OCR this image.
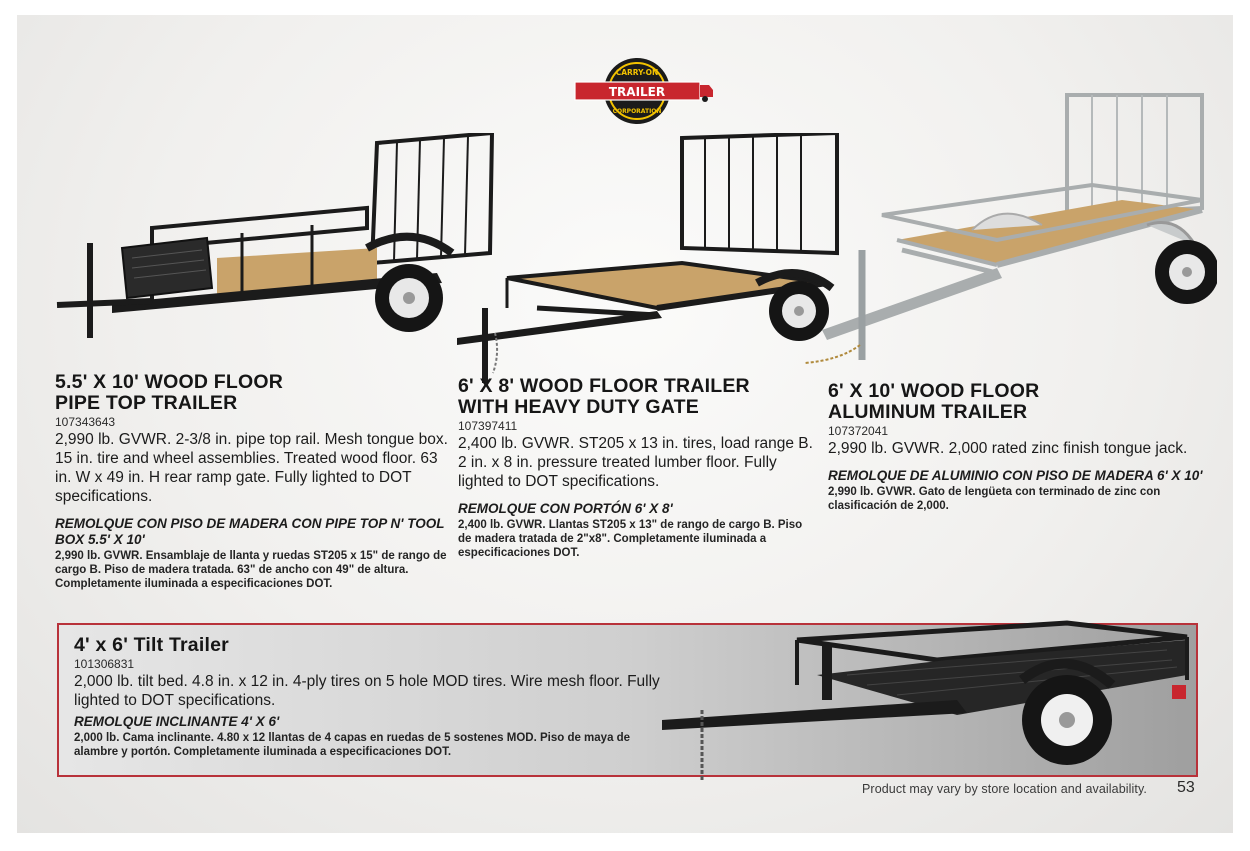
TRAILER
CARRY-ON
CORPORATION

5.5' X 10' WOOD FLOOR

PIPE TOP TRAILER

107343643

2,990 lb. GVWR. 2-3/8 in. pipe top rail. Mesh tongue box. 15 in. tire and wheel assemblies. Treated wood floor. 63 in. W x 49 in. H rear ramp gate. Fully lighted to DOT specifications.

REMOLQUE CON PISO DE MADERA CON PIPE TOP N' TOOL BOX 5.5' X 10'

2,990 lb. GVWR. Ensamblaje de llanta y ruedas ST205 x 15" de rango de cargo B. Piso de madera tratada. 63" de ancho con 49" de altura. Completamente iluminada a especificaciones DOT.

6' X 8' WOOD FLOOR TRAILER

WITH HEAVY DUTY GATE

107397411

2,400 lb. GVWR. ST205 x 13 in. tires, load range B. 2 in. x 8 in. pressure treated lumber floor. Fully lighted to DOT specifications.

REMOLQUE CON PORTÓN 6' X 8'

2,400 lb. GVWR. Llantas ST205 x 13" de rango de cargo B. Piso de madera tratada de 2"x8". Completamente iluminada a especificaciones DOT.

6' X 10' WOOD FLOOR

ALUMINUM TRAILER

107372041

2,990 lb. GVWR. 2,000 rated zinc finish tongue jack.

REMOLQUE DE ALUMINIO CON PISO DE MADERA 6' X 10'

2,990 lb. GVWR. Gato de lengüeta con terminado de zinc con clasificación de 2,000.

4' x 6' Tilt Trailer

101306831

2,000 lb. tilt bed. 4.8 in. x 12 in. 4-ply tires on 5 hole MOD tires. Wire mesh floor. Fully lighted to DOT specifications.

REMOLQUE INCLINANTE 4' X 6'

2,000 lb. Cama inclinante. 4.80 x 12 llantas de 4 capas en ruedas de 5 sostenes MOD. Piso de maya de alambre y portón. Completamente iluminada a especificaciones DOT.

Product may vary by store location and availability. 53
